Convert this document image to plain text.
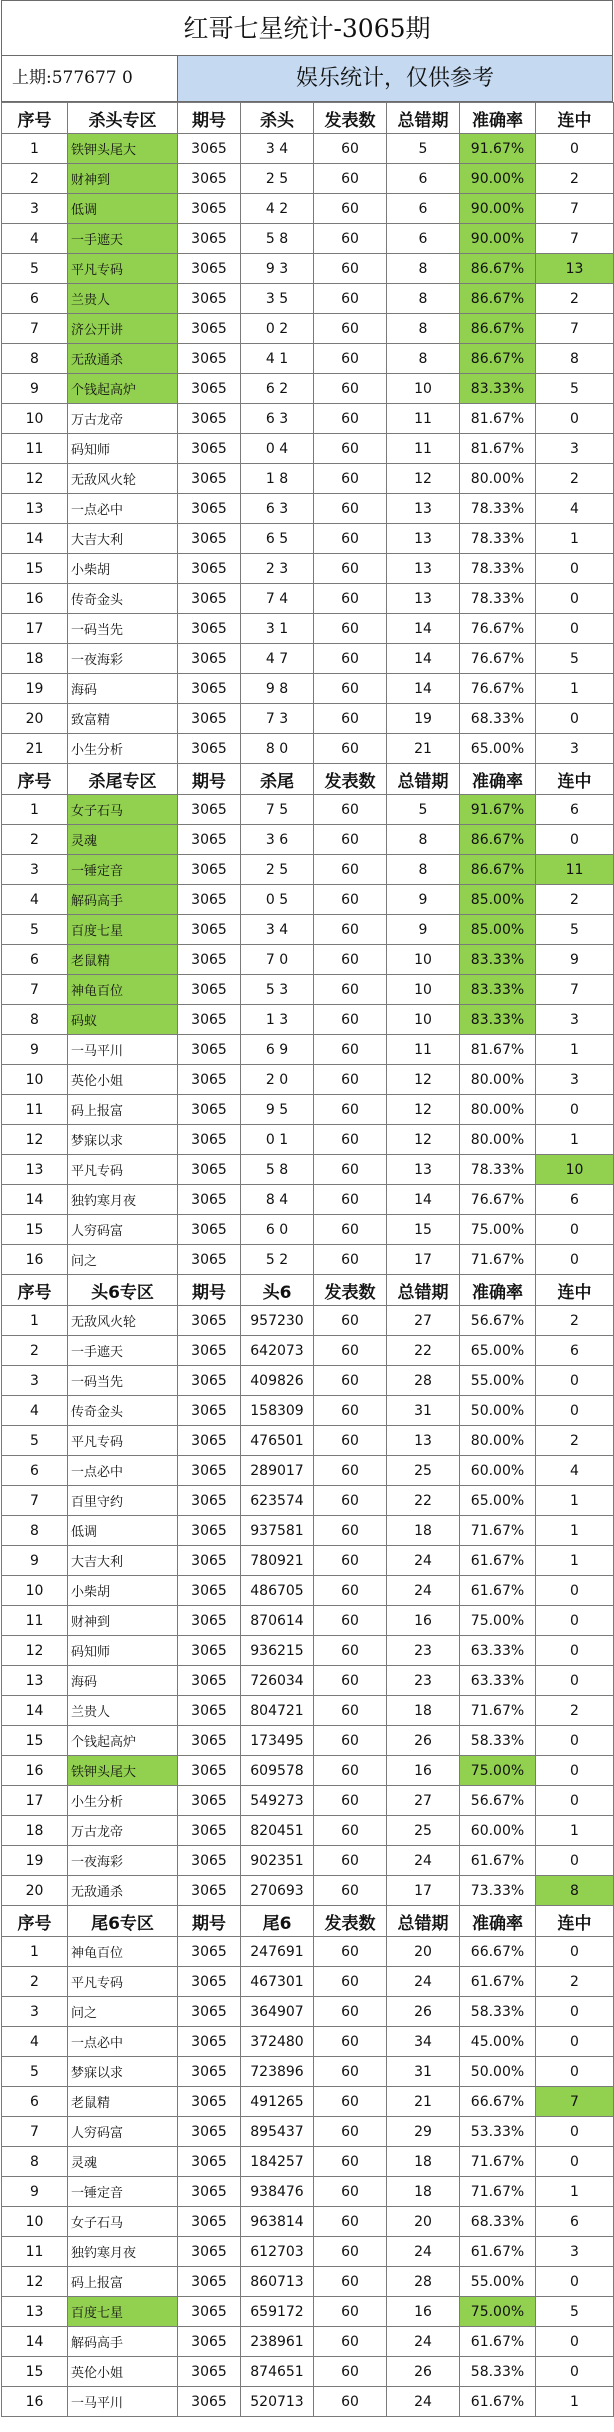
红哥七星统计-3065期
上期:577677 0	娱乐统计，仅供参考
序号	杀头专区	期号	杀头	发表数	总错期	准确率	连中
1	铁钾头尾大	3065	3 4	60	5	91.67%	0
2	财神到	3065	2 5	60	6	90.00%	2
3	低调	3065	4 2	60	6	90.00%	7
4	一手遮天	3065	5 8	60	6	90.00%	7
5	平凡专码	3065	9 3	60	8	86.67%	13
6	兰贵人	3065	3 5	60	8	86.67%	2
7	济公开讲	3065	0 2	60	8	86.67%	7
8	无敌通杀	3065	4 1	60	8	86.67%	8
9	个钱起高炉	3065	6 2	60	10	83.33%	5
10	万古龙帝	3065	6 3	60	11	81.67%	0
11	码知师	3065	0 4	60	11	81.67%	3
12	无敌风火轮	3065	1 8	60	12	80.00%	2
13	一点必中	3065	6 3	60	13	78.33%	4
14	大吉大利	3065	6 5	60	13	78.33%	1
15	小柴胡	3065	2 3	60	13	78.33%	0
16	传奇金头	3065	7 4	60	13	78.33%	0
17	一码当先	3065	3 1	60	14	76.67%	0
18	一夜海彩	3065	4 7	60	14	76.67%	5
19	海码	3065	9 8	60	14	76.67%	1
20	致富精	3065	7 3	60	19	68.33%	0
21	小生分析	3065	8 0	60	21	65.00%	3
序号	杀尾专区	期号	杀尾	发表数	总错期	准确率	连中
1	女子石马	3065	7 5	60	5	91.67%	6
2	灵魂	3065	3 6	60	8	86.67%	0
3	一锤定音	3065	2 5	60	8	86.67%	11
4	解码高手	3065	0 5	60	9	85.00%	2
5	百度七星	3065	3 4	60	9	85.00%	5
6	老鼠精	3065	7 0	60	10	83.33%	9
7	神龟百位	3065	5 3	60	10	83.33%	7
8	码蚁	3065	1 3	60	10	83.33%	3
9	一马平川	3065	6 9	60	11	81.67%	1
10	英伦小姐	3065	2 0	60	12	80.00%	3
11	码上报富	3065	9 5	60	12	80.00%	0
12	梦寐以求	3065	0 1	60	12	80.00%	1
13	平凡专码	3065	5 8	60	13	78.33%	10
14	独钓寒月夜	3065	8 4	60	14	76.67%	6
15	人穷码富	3065	6 0	60	15	75.00%	0
16	问之	3065	5 2	60	17	71.67%	0
序号	头6专区	期号	头6	发表数	总错期	准确率	连中
1	无敌风火轮	3065	957230	60	27	56.67%	2
2	一手遮天	3065	642073	60	22	65.00%	6
3	一码当先	3065	409826	60	28	55.00%	0
4	传奇金头	3065	158309	60	31	50.00%	0
5	平凡专码	3065	476501	60	13	80.00%	2
6	一点必中	3065	289017	60	25	60.00%	4
7	百里守约	3065	623574	60	22	65.00%	1
8	低调	3065	937581	60	18	71.67%	1
9	大吉大利	3065	780921	60	24	61.67%	1
10	小柴胡	3065	486705	60	24	61.67%	0
11	财神到	3065	870614	60	16	75.00%	0
12	码知师	3065	936215	60	23	63.33%	0
13	海码	3065	726034	60	23	63.33%	0
14	兰贵人	3065	804721	60	18	71.67%	2
15	个钱起高炉	3065	173495	60	26	58.33%	0
16	铁钾头尾大	3065	609578	60	16	75.00%	0
17	小生分析	3065	549273	60	27	56.67%	0
18	万古龙帝	3065	820451	60	25	60.00%	1
19	一夜海彩	3065	902351	60	24	61.67%	0
20	无敌通杀	3065	270693	60	17	73.33%	8
序号	尾6专区	期号	尾6	发表数	总错期	准确率	连中
1	神龟百位	3065	247691	60	20	66.67%	0
2	平凡专码	3065	467301	60	24	61.67%	2
3	问之	3065	364907	60	26	58.33%	0
4	一点必中	3065	372480	60	34	45.00%	0
5	梦寐以求	3065	723896	60	31	50.00%	0
6	老鼠精	3065	491265	60	21	66.67%	7
7	人穷码富	3065	895437	60	29	53.33%	0
8	灵魂	3065	184257	60	18	71.67%	0
9	一锤定音	3065	938476	60	18	71.67%	1
10	女子石马	3065	963814	60	20	68.33%	6
11	独钓寒月夜	3065	612703	60	24	61.67%	3
12	码上报富	3065	860713	60	28	55.00%	0
13	百度七星	3065	659172	60	16	75.00%	5
14	解码高手	3065	238961	60	24	61.67%	0
15	英伦小姐	3065	874651	60	26	58.33%	0
16	一马平川	3065	520713	60	24	61.67%	1
